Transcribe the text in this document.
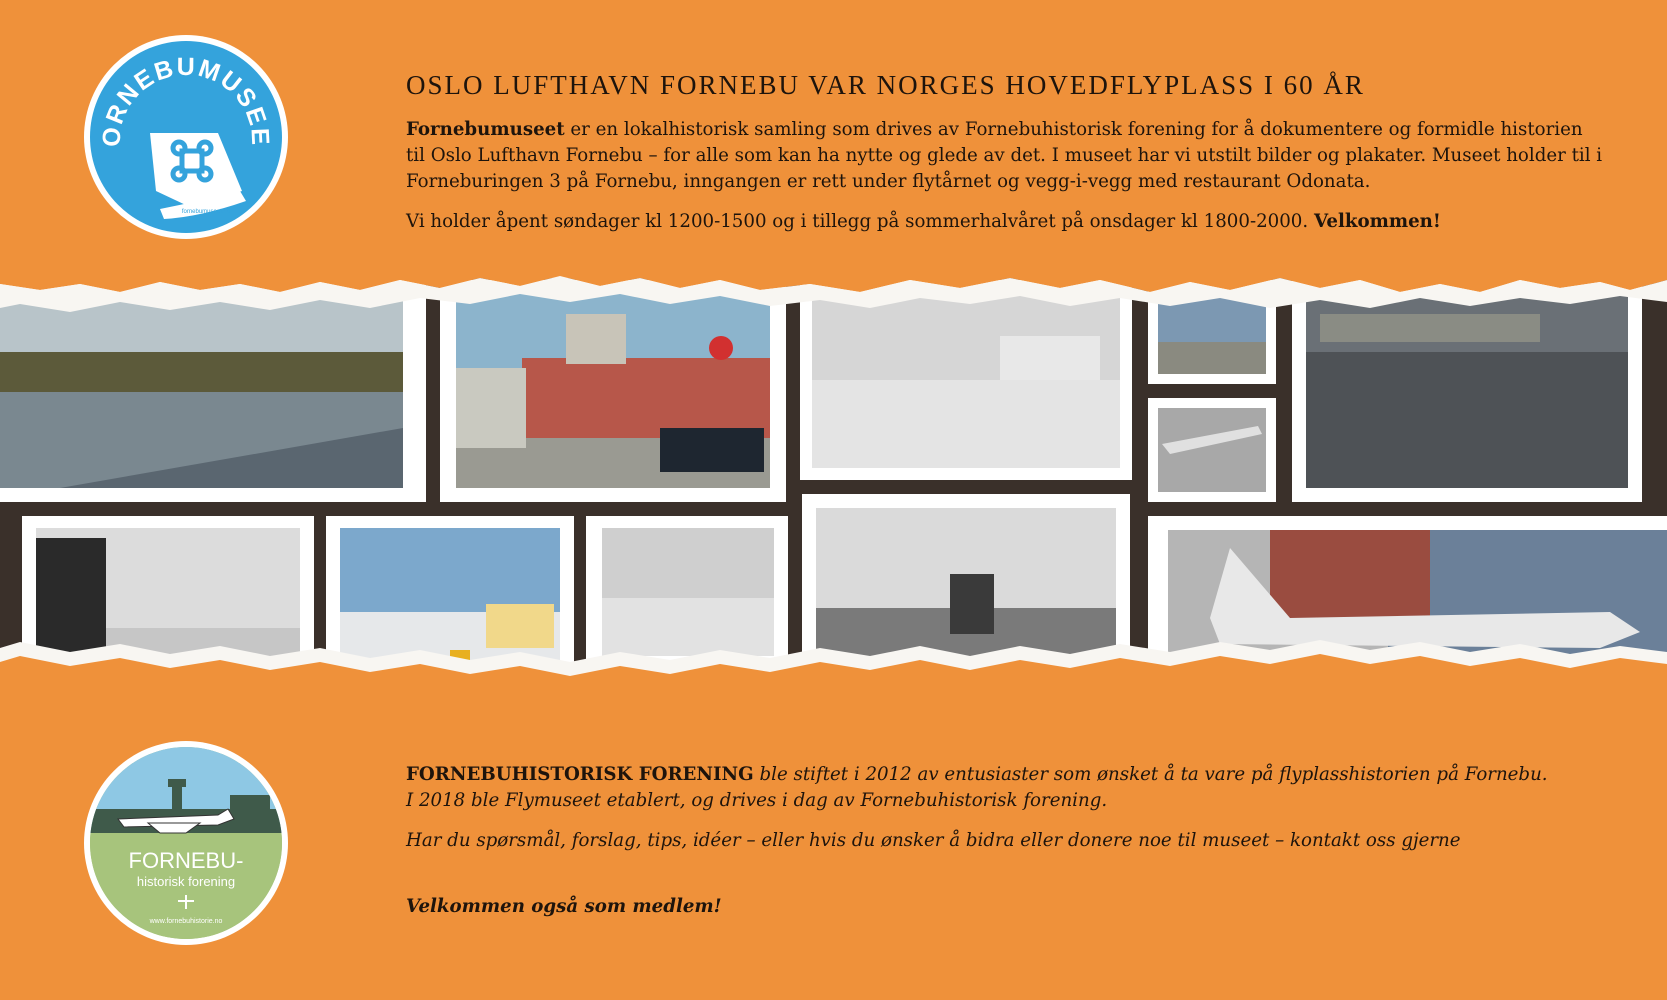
ORNEBUMUSEE
fornebumuseet.no
OSLO LUFTHAVN FORNEBU VAR NORGES HOVEDFLYPLASS I 60 ÅR

Fornebumuseet er en lokalhistorisk samling som drives av Fornebuhistorisk forening for å dokumentere og formidle historien til Oslo Lufthavn Fornebu – for alle som kan ha nytte og glede av det. I museet har vi utstilt bilder og plakater. Museet holder til i Forneburingen 3 på Fornebu, inngangen er rett under flytårnet og vegg-i-vegg med restaurant Odonata.

Vi holder åpent søndager kl 1200-1500 og i tillegg på sommerhalvåret på onsdager kl 1800-2000. Velkommen!

FORNEBU-
historisk forening
www.fornebuhistorie.no

FORNEBUHISTORISK FORENING ble stiftet i 2012 av entusiaster som ønsket å ta vare på flyplasshistorien på Fornebu.

I 2018 ble Flymuseet etablert, og drives i dag av Fornebuhistorisk forening.

Har du spørsmål, forslag, tips, idéer – eller hvis du ønsker å bidra eller donere noe til museet – kontakt oss gjerne

Velkommen også som medlem!
